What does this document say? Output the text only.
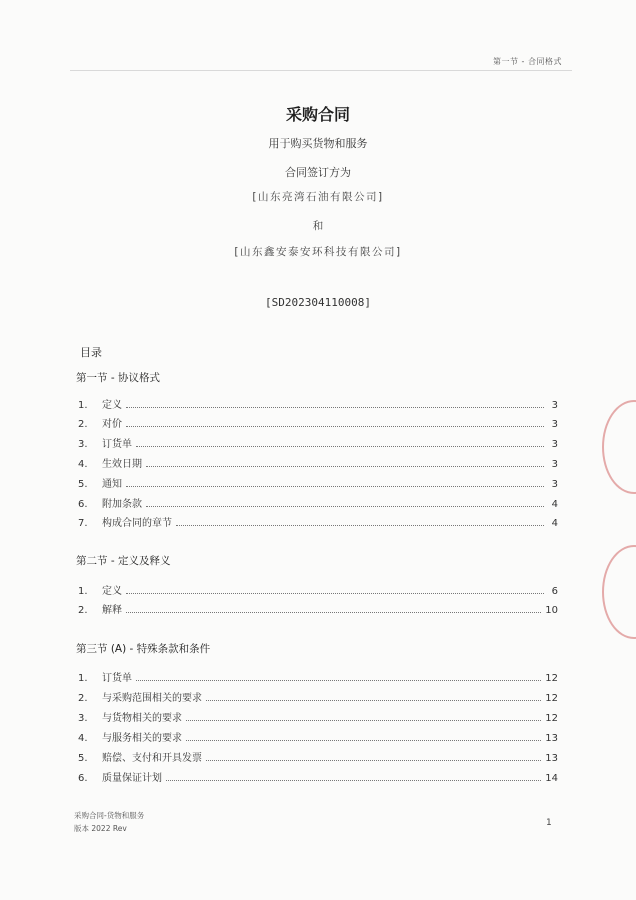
第一节 - 合同格式
采购合同
用于购买货物和服务
合同签订方为
[山东亮湾石油有限公司]
和
[山东鑫安泰安环科技有限公司]
[SD202304110008]
目录
第一节 - 协议格式
1.	定义	3
2.	对价	3
3.	订货单	3
4.	生效日期	3
5.	通知	3
6.	附加条款	4
7.	构成合同的章节	4
第二节 - 定义及释义
1.	定义	6
2.	解释	10
第三节 (A) - 特殊条款和条件
1.	订货单	12
2.	与采购范围相关的要求	12
3.	与货物相关的要求	12
4.	与服务相关的要求	13
5.	赔偿、支付和开具发票	13
6.	质量保证计划	14
采购合同-货物和服务
版本 2022 Rev
1
